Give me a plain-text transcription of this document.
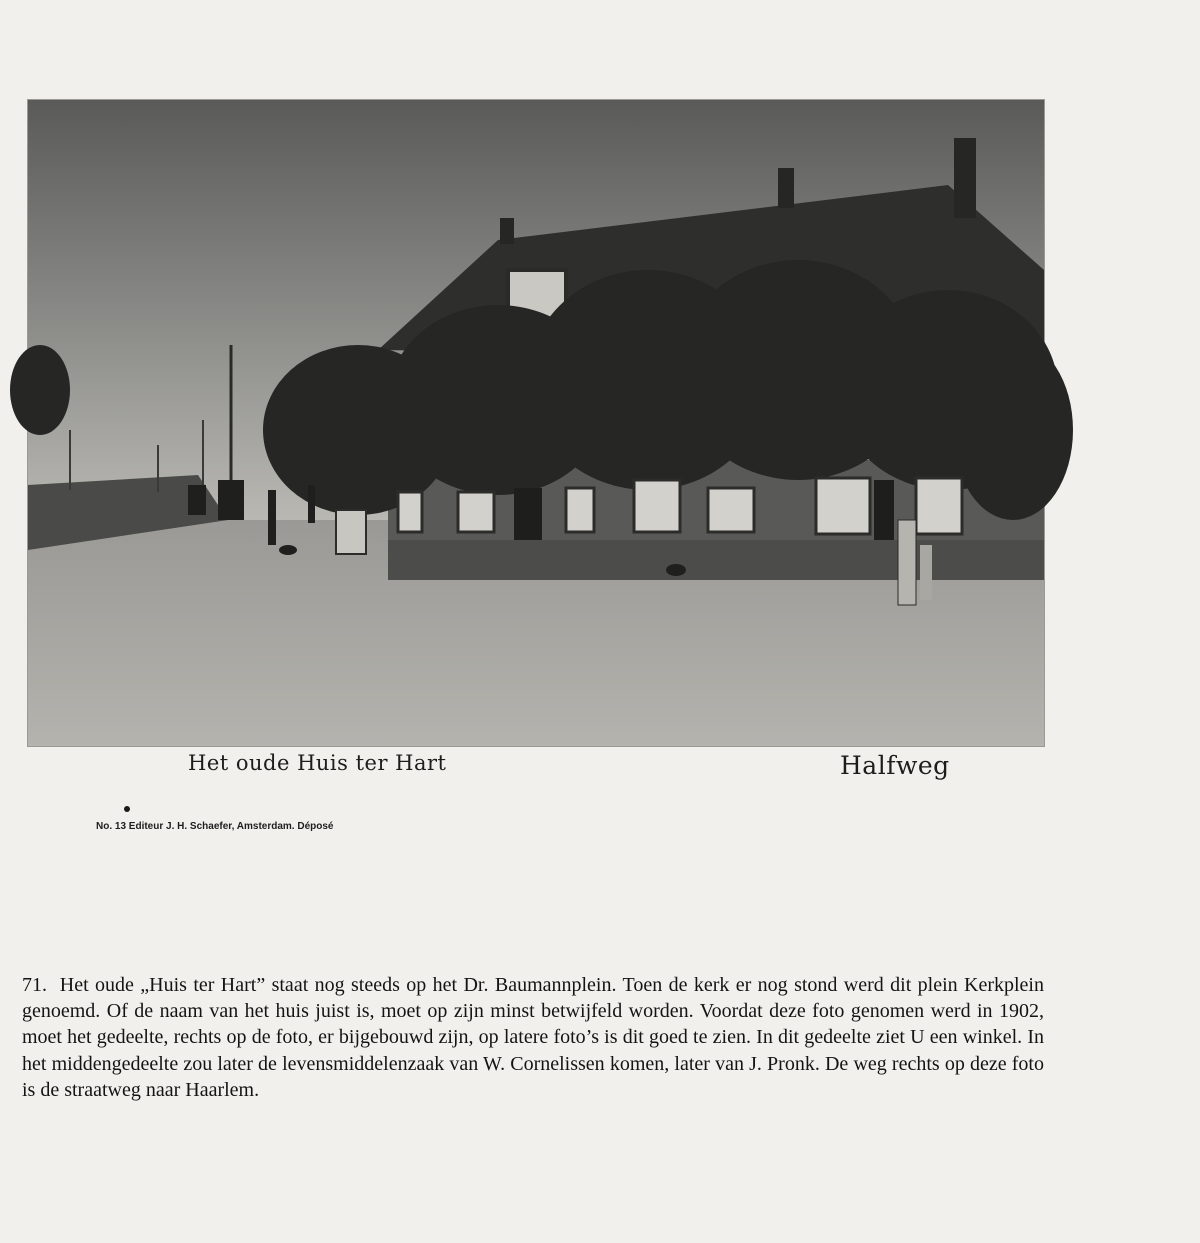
Het oude Huis ter Hart	Halfweg
No. 13 Editeur J. H. Schaefer, Amsterdam. Déposé

71. Het oude „Huis ter Hart” staat nog steeds op het Dr. Baumannplein. Toen de kerk er nog stond werd dit plein Kerkplein genoemd. Of de naam van het huis juist is, moet op zijn minst betwijfeld worden. Voordat deze foto genomen werd in 1902, moet het gedeelte, rechts op de foto, er bijgebouwd zijn, op latere foto’s is dit goed te zien. In dit gedeelte ziet U een winkel. In het middengedeelte zou later de levensmiddelenzaak van W. Cornelissen komen, later van J. Pronk. De weg rechts op deze foto is de straatweg naar Haarlem.
